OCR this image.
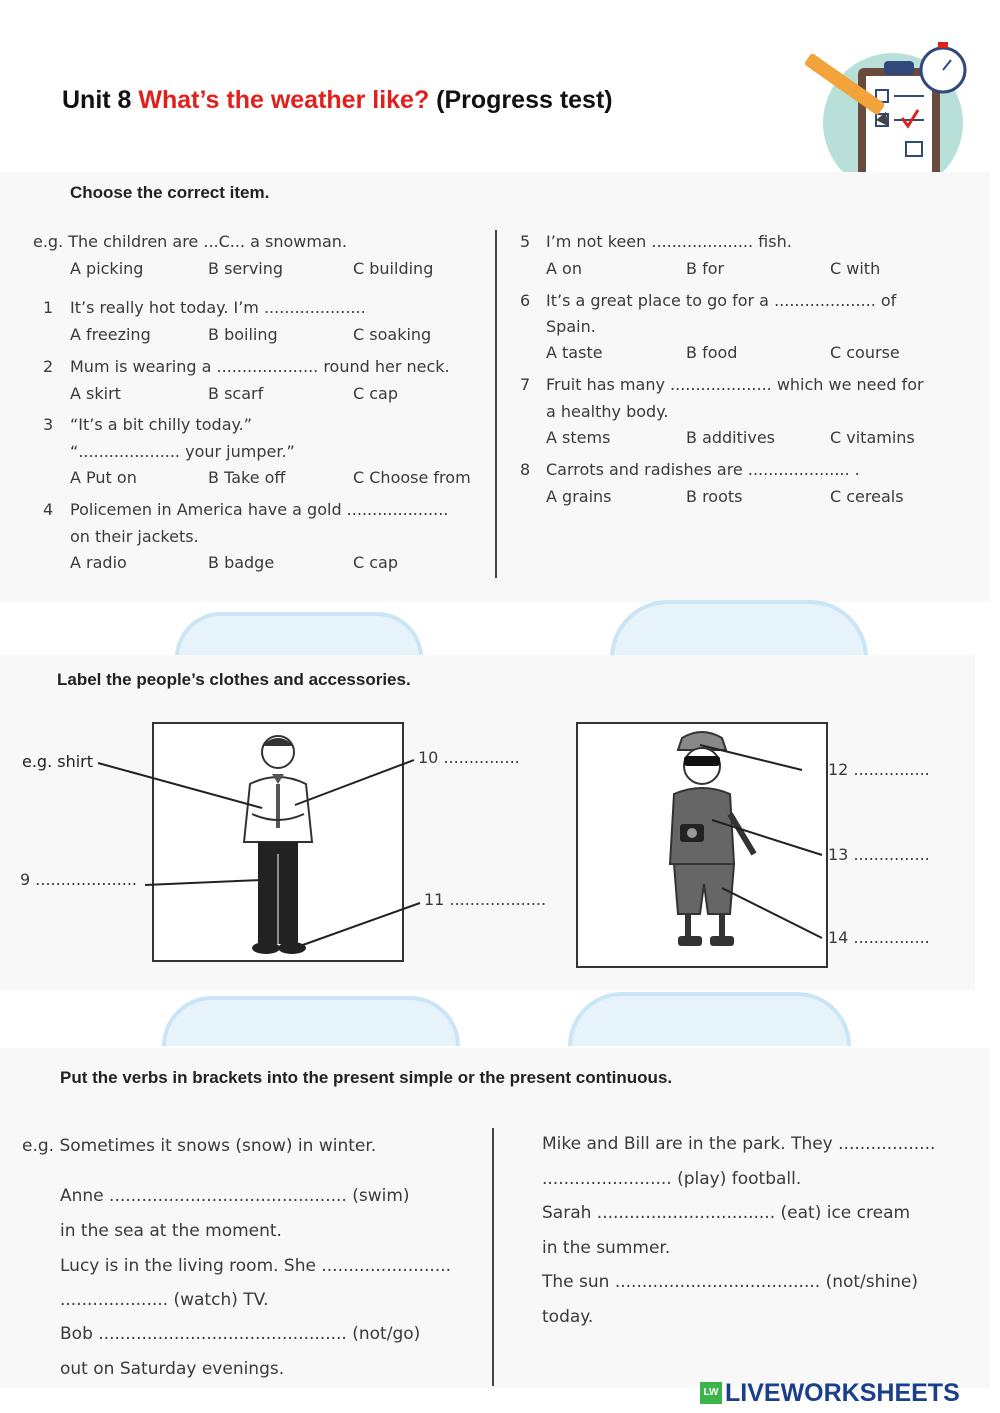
Unit 8 What’s the weather like? (Progress test)
Choose the correct item.
e.g. The children are ...C... a snowman.
A picking	B serving	C building
1 It’s really hot today. I’m ....................
A freezing	B boiling	C soaking
2 Mum is wearing a .................... round her neck.
A skirt	B scarf	C cap
3 “It’s a bit chilly today.”
“.................... your jumper.”
A Put on	B Take off	C Choose from
4 Policemen in America have a gold ....................
on their jackets.
A radio	B badge	C cap
5 I’m not keen .................... fish.
A on	B for	C with
6 It’s a great place to go for a .................... of
Spain.
A taste	B food	C course
7 Fruit has many .................... which we need for
a healthy body.
A stems	B additives	C vitamins
8 Carrots and radishes are .................... .
A grains	B roots	C cereals
Label the people’s clothes and accessories.
e.g. shirt
9 ....................
10 ...............
11 ...................
12 ...............
13 ...............
14 ...............
Put the verbs in brackets into the present simple or the present continuous.
e.g. Sometimes it snows (snow) in winter.
Anne ............................................ (swim)
in the sea at the moment.
Lucy is in the living room. She ........................
.................... (watch) TV.
Bob .............................................. (not/go)
out on Saturday evenings.
Mike and Bill are in the park. They ..................
........................ (play) football.
Sarah ................................. (eat) ice cream
in the summer.
The sun ...................................... (not/shine)
today.
LW LIVEWORKSHEETS
